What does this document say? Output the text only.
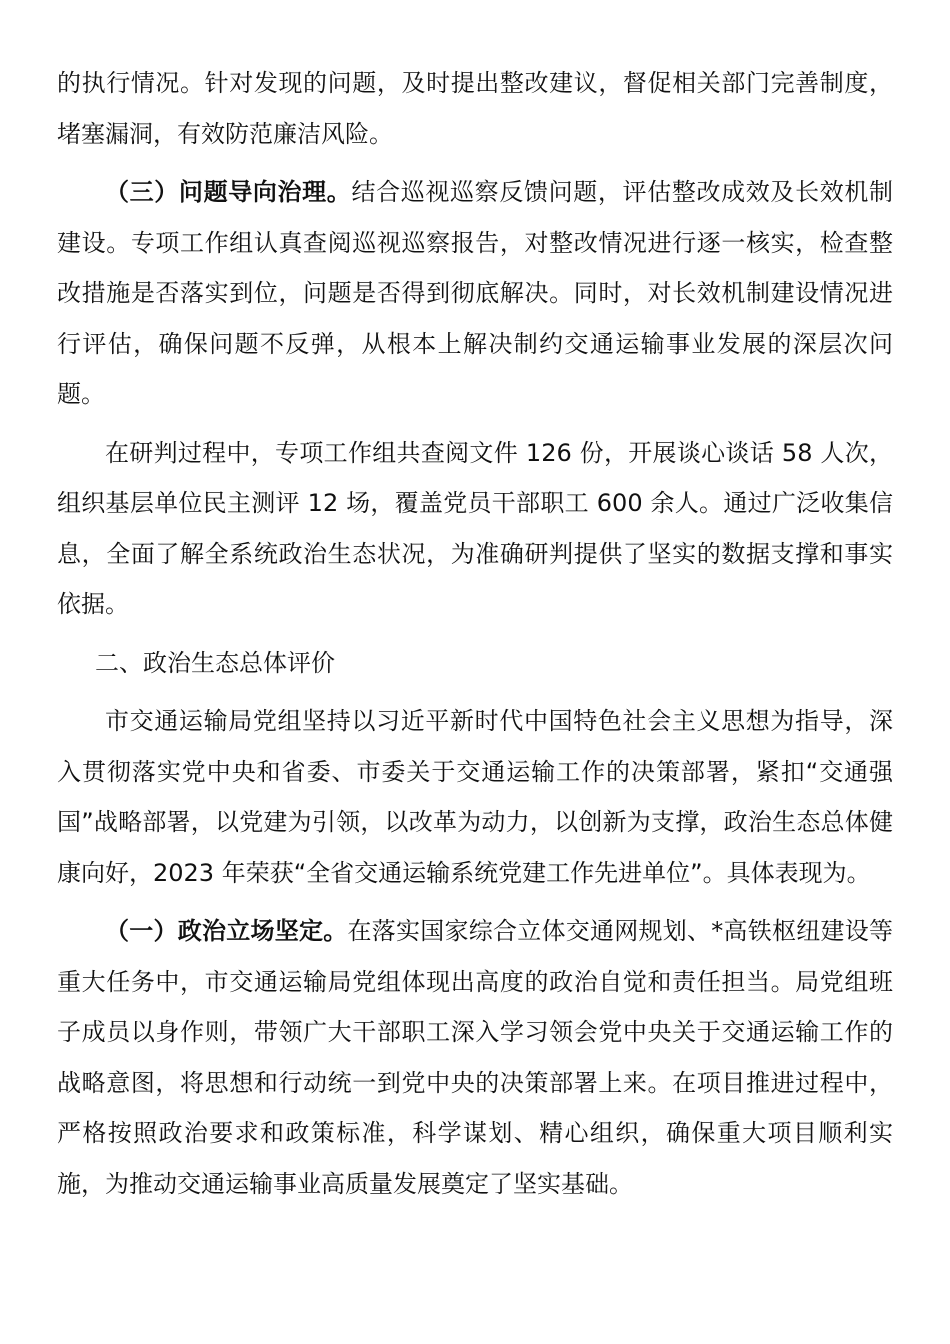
的执行情况。针对发现的问题，及时提出整改建议，督促相关部门完善制度，堵塞漏洞，有效防范廉洁风险。

（三）问题导向治理。结合巡视巡察反馈问题，评估整改成效及长效机制建设。专项工作组认真查阅巡视巡察报告，对整改情况进行逐一核实，检查整改措施是否落实到位，问题是否得到彻底解决。同时，对长效机制建设情况进行评估，确保问题不反弹，从根本上解决制约交通运输事业发展的深层次问题。

在研判过程中，专项工作组共查阅文件 126 份，开展谈心谈话 58 人次，组织基层单位民主测评 12 场，覆盖党员干部职工 600 余人。通过广泛收集信息，全面了解全系统政治生态状况，为准确研判提供了坚实的数据支撑和事实依据。

二、政治生态总体评价

市交通运输局党组坚持以习近平新时代中国特色社会主义思想为指导，深入贯彻落实党中央和省委、市委关于交通运输工作的决策部署，紧扣“交通强国”战略部署，以党建为引领，以改革为动力，以创新为支撑，政治生态总体健康向好，2023 年荣获“全省交通运输系统党建工作先进单位”。具体表现为。

（一）政治立场坚定。在落实国家综合立体交通网规划、*高铁枢纽建设等重大任务中，市交通运输局党组体现出高度的政治自觉和责任担当。局党组班子成员以身作则，带领广大干部职工深入学习领会党中央关于交通运输工作的战略意图，将思想和行动统一到党中央的决策部署上来。在项目推进过程中，严格按照政治要求和政策标准，科学谋划、精心组织，确保重大项目顺利实施，为推动交通运输事业高质量发展奠定了坚实基础。
